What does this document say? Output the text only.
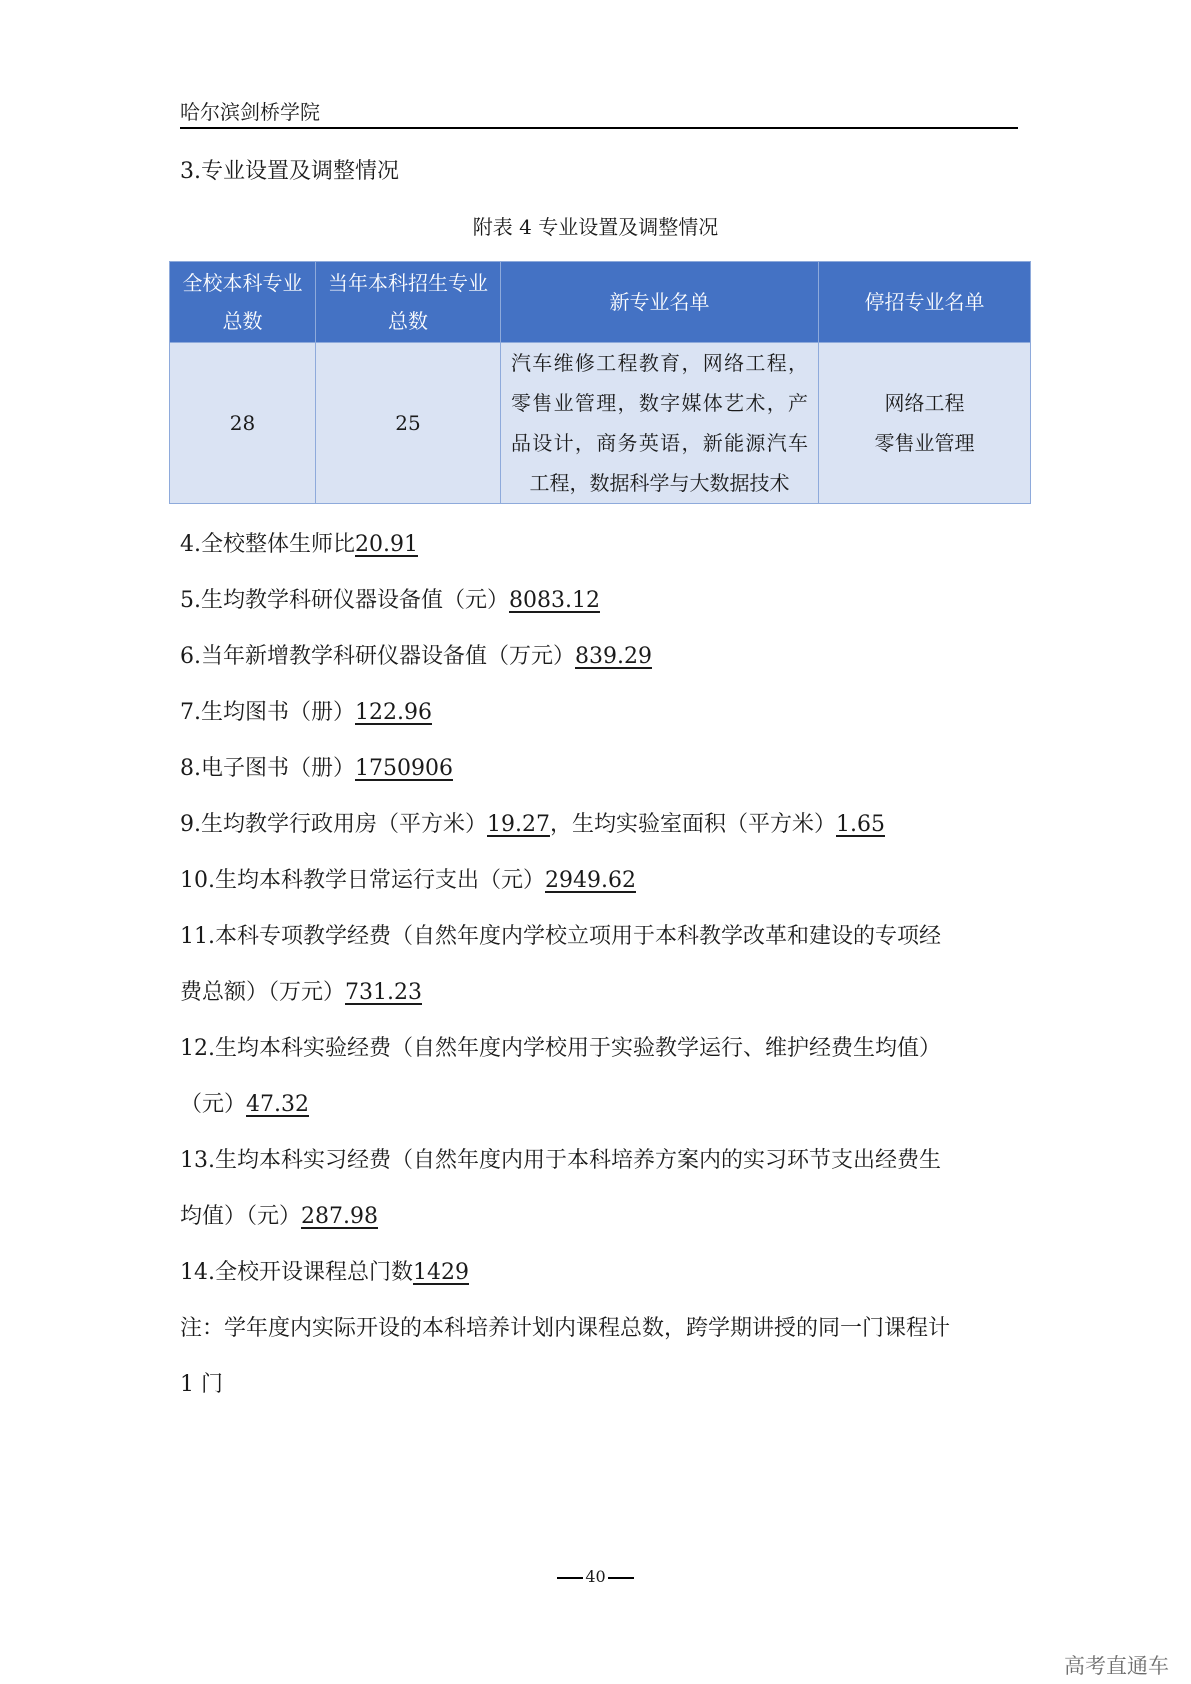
哈尔滨剑桥学院
3.专业设置及调整情况
附表 4 专业设置及调整情况
全校本科专业总数	当年本科招生专业总数	新专业名单	停招专业名单
28	25	汽车维修工程教育，网络工程，零售业管理，数字媒体艺术，产品设计，商务英语，新能源汽车工程，数据科学与大数据技术	网络工程
零售业管理
4.全校整体生师比20.91
5.生均教学科研仪器设备值（元）8083.12
6.当年新增教学科研仪器设备值（万元）839.29
7.生均图书（册）122.96
8.电子图书（册）1750906
9.生均教学行政用房（平方米）19.27，生均实验室面积（平方米）1.65
10.生均本科教学日常运行支出（元）2949.62
11.本科专项教学经费（自然年度内学校立项用于本科教学改革和建设的专项经
费总额）（万元）731.23
12.生均本科实验经费（自然年度内学校用于实验教学运行、维护经费生均值）
（元）47.32
13.生均本科实习经费（自然年度内用于本科培养方案内的实习环节支出经费生
均值）（元）287.98
14.全校开设课程总门数1429
注：学年度内实际开设的本科培养计划内课程总数，跨学期讲授的同一门课程计
1 门
40
高考直通车
